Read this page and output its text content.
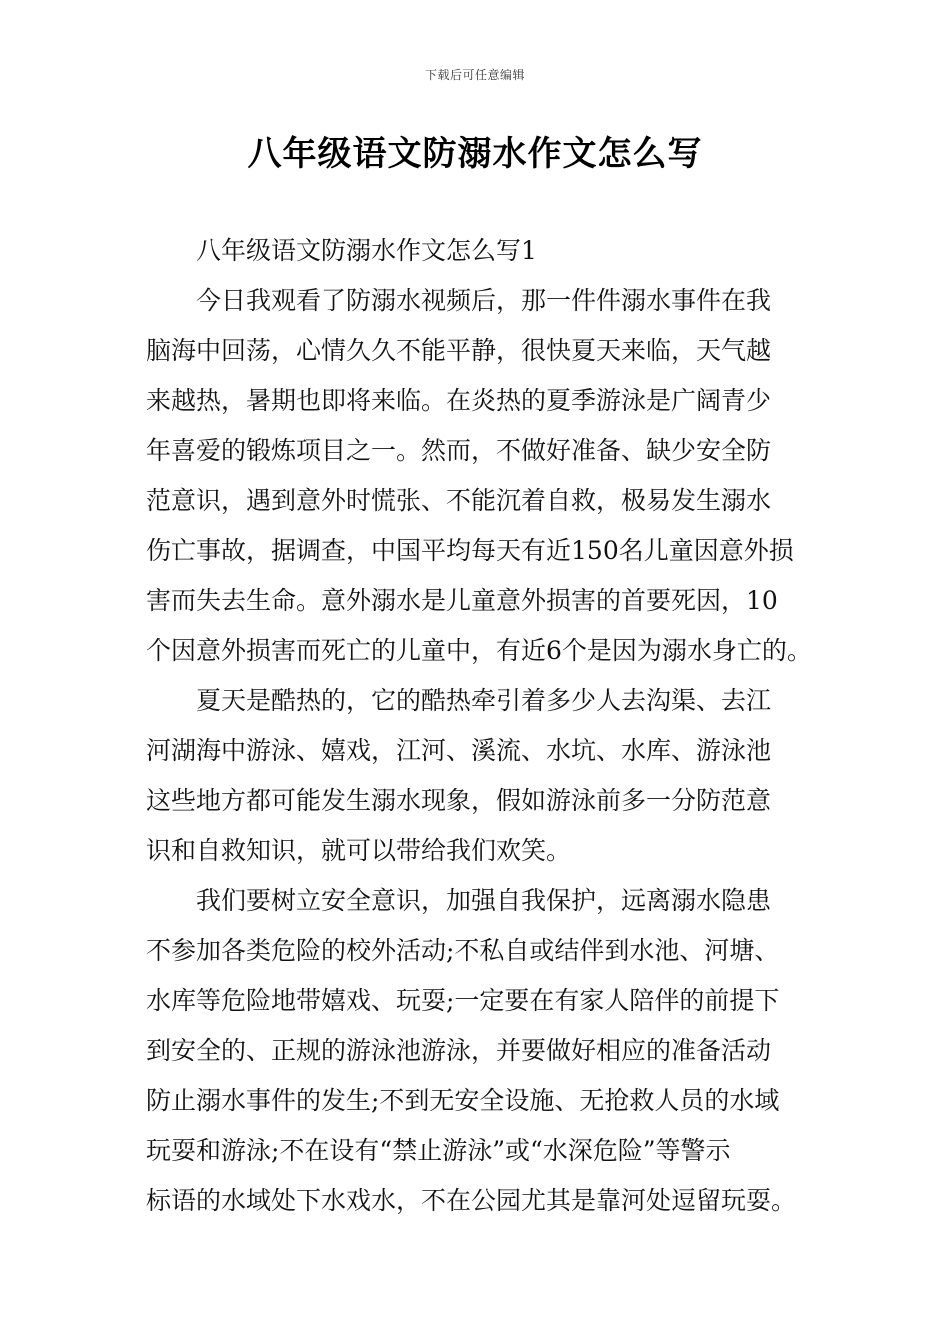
下载后可任意编辑
八年级语文防溺水作文怎么写
八年级语文防溺水作文怎么写1
今日我观看了防溺水视频后，那一件件溺水事件在我
脑海中回荡，心情久久不能平静，很快夏天来临，天气越
来越热，暑期也即将来临。在炎热的夏季游泳是广阔青少
年喜爱的锻炼项目之一。然而，不做好准备、缺少安全防
范意识，遇到意外时慌张、不能沉着自救，极易发生溺水
伤亡事故，据调查，中国平均每天有近150名儿童因意外损
害而失去生命。意外溺水是儿童意外损害的首要死因，10
个因意外损害而死亡的儿童中，有近6个是因为溺水身亡的。
夏天是酷热的，它的酷热牵引着多少人去沟渠、去江
河湖海中游泳、嬉戏，江河、溪流、水坑、水库、游泳池
这些地方都可能发生溺水现象，假如游泳前多一分防范意
识和自救知识，就可以带给我们欢笑。
我们要树立安全意识，加强自我保护，远离溺水隐患
不参加各类危险的校外活动;不私自或结伴到水池、河塘、
水库等危险地带嬉戏、玩耍;一定要在有家人陪伴的前提下
到安全的、正规的游泳池游泳，并要做好相应的准备活动
防止溺水事件的发生;不到无安全设施、无抢救人员的水域
玩耍和游泳;不在设有“禁止游泳”或“水深危险”等警示
标语的水域处下水戏水，不在公园尤其是靠河处逗留玩耍。
